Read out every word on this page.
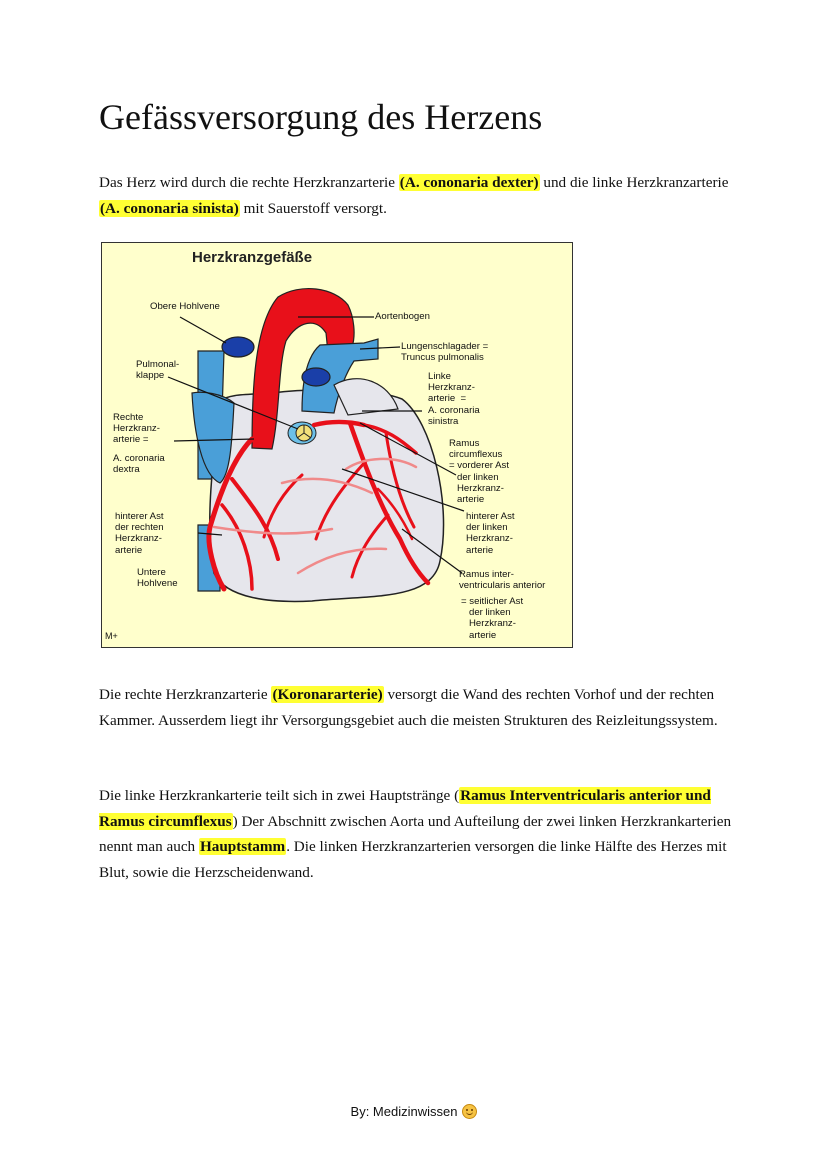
Gefässversorgung des Herzens

Das Herz wird durch die rechte Herzkranzarterie (A. cononaria dexter) und die linke Herzkranzarterie (A. cononaria sinista) mit Sauerstoff versorgt.

Herzkranzgefäße

Obere Hohlvene

Aortenbogen

Lungenschlagader =
Truncus pulmonalis

Pulmonal-
klappe	Linke
Herzkranz-
arterie  =
A. coronaria
sinistra

Rechte
Herzkranz-
arterie =

A. coronaria
dextra

Ramus
circumflexus
= vorderer Ast
der linken
Herzkranz-
arterie

hinterer Ast
der rechten
Herzkranz-
arterie

hinterer Ast
der linken
Herzkranz-
arterie

Untere
Hohlvene

Ramus inter-
ventricularis anterior

= seitlicher Ast
der linken
Herzkranz-
arterie

M+

Die rechte Herzkranzarterie (Koronararterie) versorgt die Wand des rechten Vorhof und der rechten Kammer. Ausserdem liegt ihr Versorgungsgebiet auch die meisten Strukturen des Reizleitungssystem.

Die linke Herzkrankarterie teilt sich in zwei Hauptstränge (Ramus Interventricularis anterior und Ramus circumflexus) Der Abschnitt zwischen Aorta und Aufteilung der zwei linken Herzkrankarterien nennt man auch Hauptstamm. Die linken Herzkranzarterien versorgen die linke Hälfte des Herzes mit Blut, sowie die Herzscheidenwand.

By: Medizinwissen
